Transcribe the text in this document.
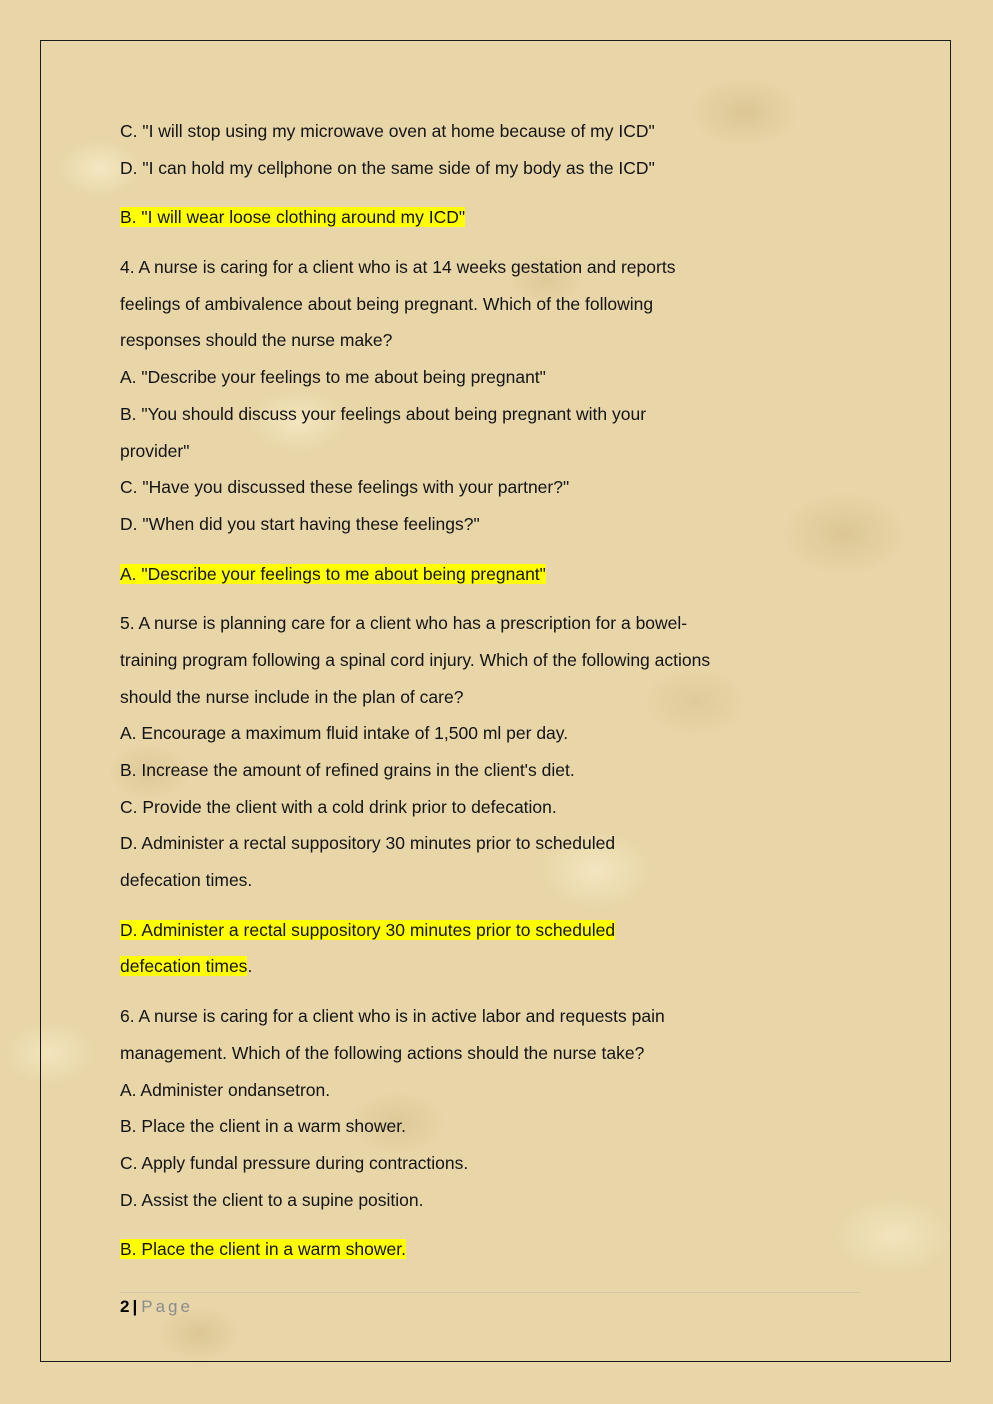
C. "I will stop using my microwave oven at home because of my ICD"
D. "I can hold my cellphone on the same side of my body as the ICD"
B. "I will wear loose clothing around my ICD"
4. A nurse is caring for a client who is at 14 weeks gestation and reports
feelings of ambivalence about being pregnant. Which of the following
responses should the nurse make?
A. "Describe your feelings to me about being pregnant"
B. "You should discuss your feelings about being pregnant with your
provider"
C. "Have you discussed these feelings with your partner?"
D. "When did you start having these feelings?"
A. "Describe your feelings to me about being pregnant"
5. A nurse is planning care for a client who has a prescription for a bowel-
training program following a spinal cord injury. Which of the following actions
should the nurse include in the plan of care?
A. Encourage a maximum fluid intake of 1,500 ml per day.
B. Increase the amount of refined grains in the client's diet.
C. Provide the client with a cold drink prior to defecation.
D. Administer a rectal suppository 30 minutes prior to scheduled
defecation times.
D. Administer a rectal suppository 30 minutes prior to scheduled
defecation times.
6. A nurse is caring for a client who is in active labor and requests pain
management. Which of the following actions should the nurse take?
A. Administer ondansetron.
B. Place the client in a warm shower.
C. Apply fundal pressure during contractions.
D. Assist the client to a supine position.
B. Place the client in a warm shower.
2 | Page
